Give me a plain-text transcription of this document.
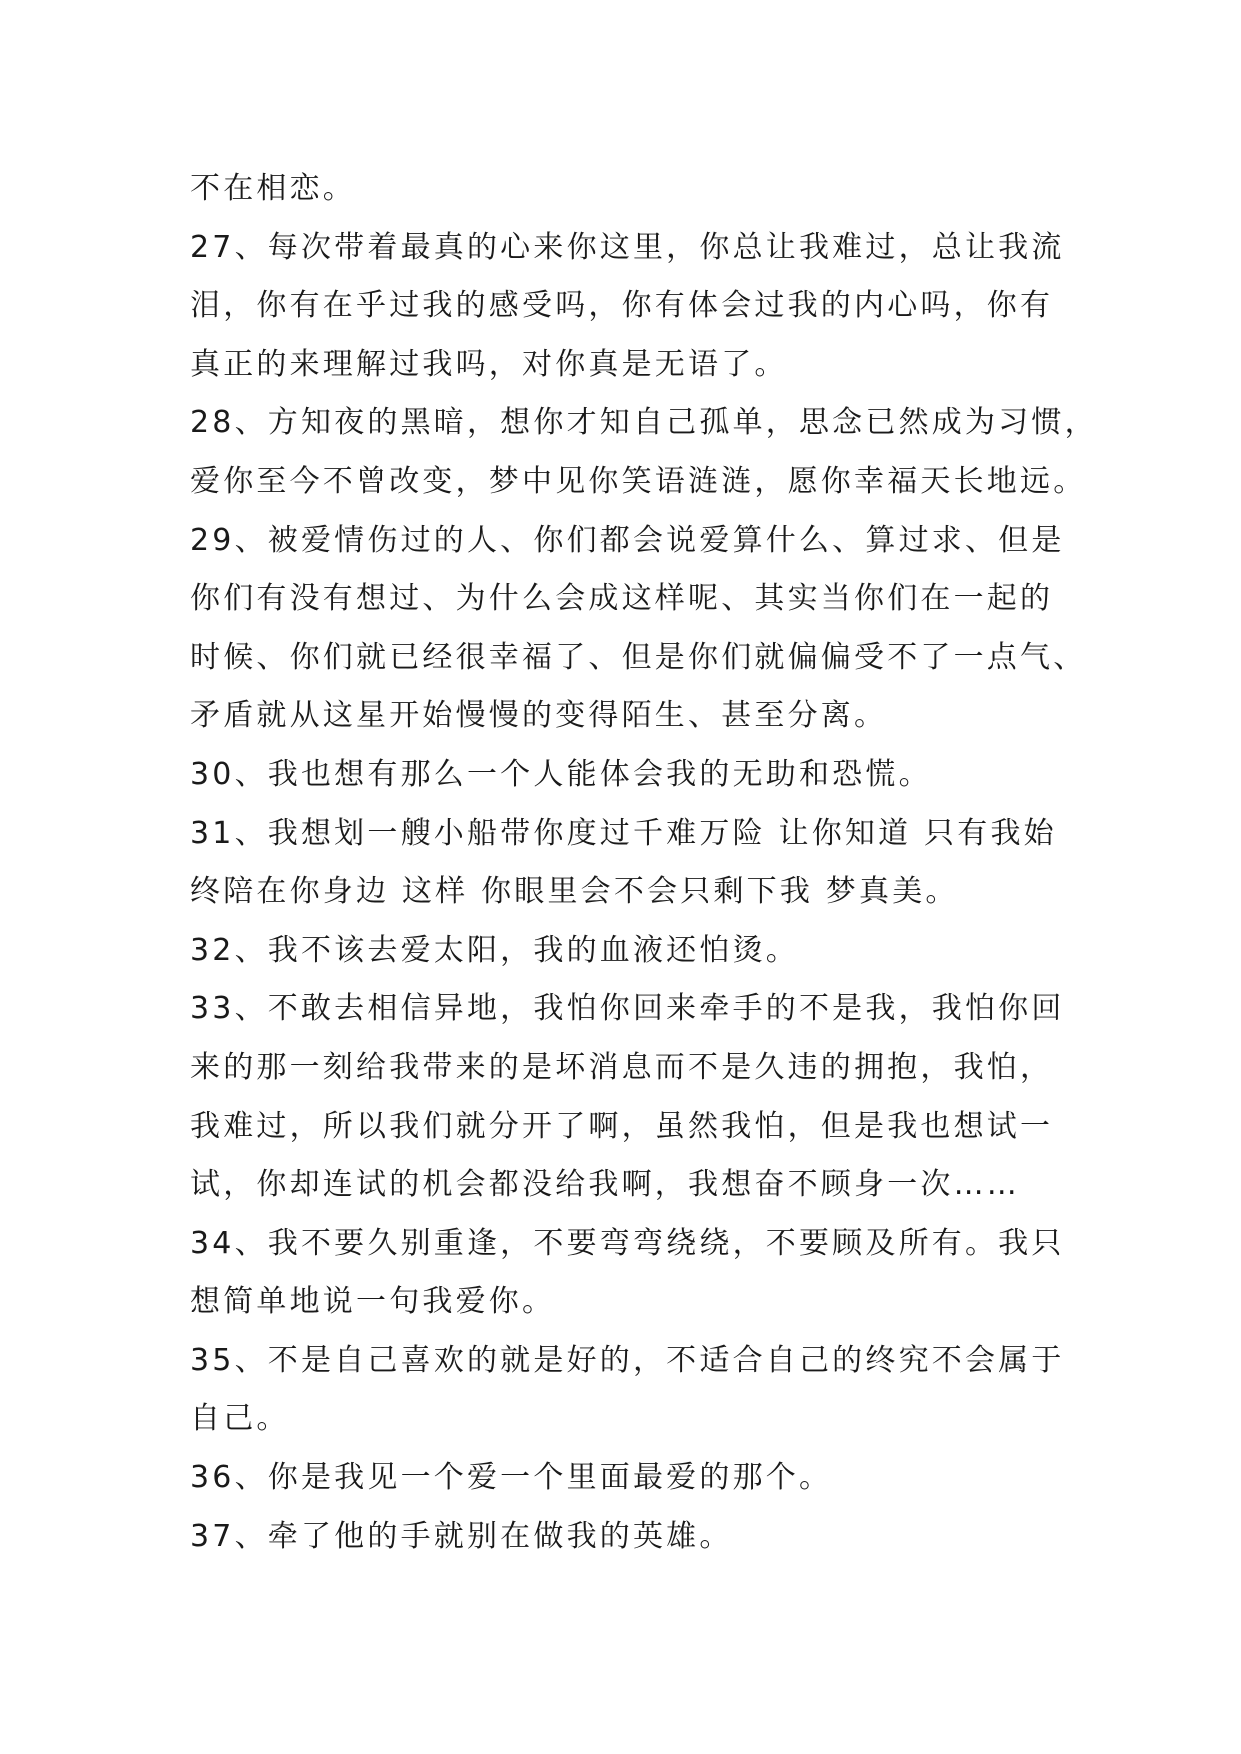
不在相恋。
27、每次带着最真的心来你这里，你总让我难过，总让我流
泪，你有在乎过我的感受吗，你有体会过我的内心吗，你有
真正的来理解过我吗，对你真是无语了。
28、方知夜的黑暗，想你才知自己孤单，思念已然成为习惯，
爱你至今不曾改变，梦中见你笑语涟涟，愿你幸福天长地远。
29、被爱情伤过的人、你们都会说爱算什么、算过求、但是
你们有没有想过、为什么会成这样呢、其实当你们在一起的
时候、你们就已经很幸福了、但是你们就偏偏受不了一点气、
矛盾就从这星开始慢慢的变得陌生、甚至分离。
30、我也想有那么一个人能体会我的无助和恐慌。
31、我想划一艘小船带你度过千难万险 让你知道 只有我始
终陪在你身边 这样 你眼里会不会只剩下我 梦真美。
32、我不该去爱太阳，我的血液还怕烫。
33、不敢去相信异地，我怕你回来牵手的不是我，我怕你回
来的那一刻给我带来的是坏消息而不是久违的拥抱，我怕，
我难过，所以我们就分开了啊，虽然我怕，但是我也想试一
试，你却连试的机会都没给我啊，我想奋不顾身一次……
34、我不要久别重逢，不要弯弯绕绕，不要顾及所有。我只
想简单地说一句我爱你。
35、不是自己喜欢的就是好的，不适合自己的终究不会属于
自己。
36、你是我见一个爱一个里面最爱的那个。
37、牵了他的手就别在做我的英雄。
